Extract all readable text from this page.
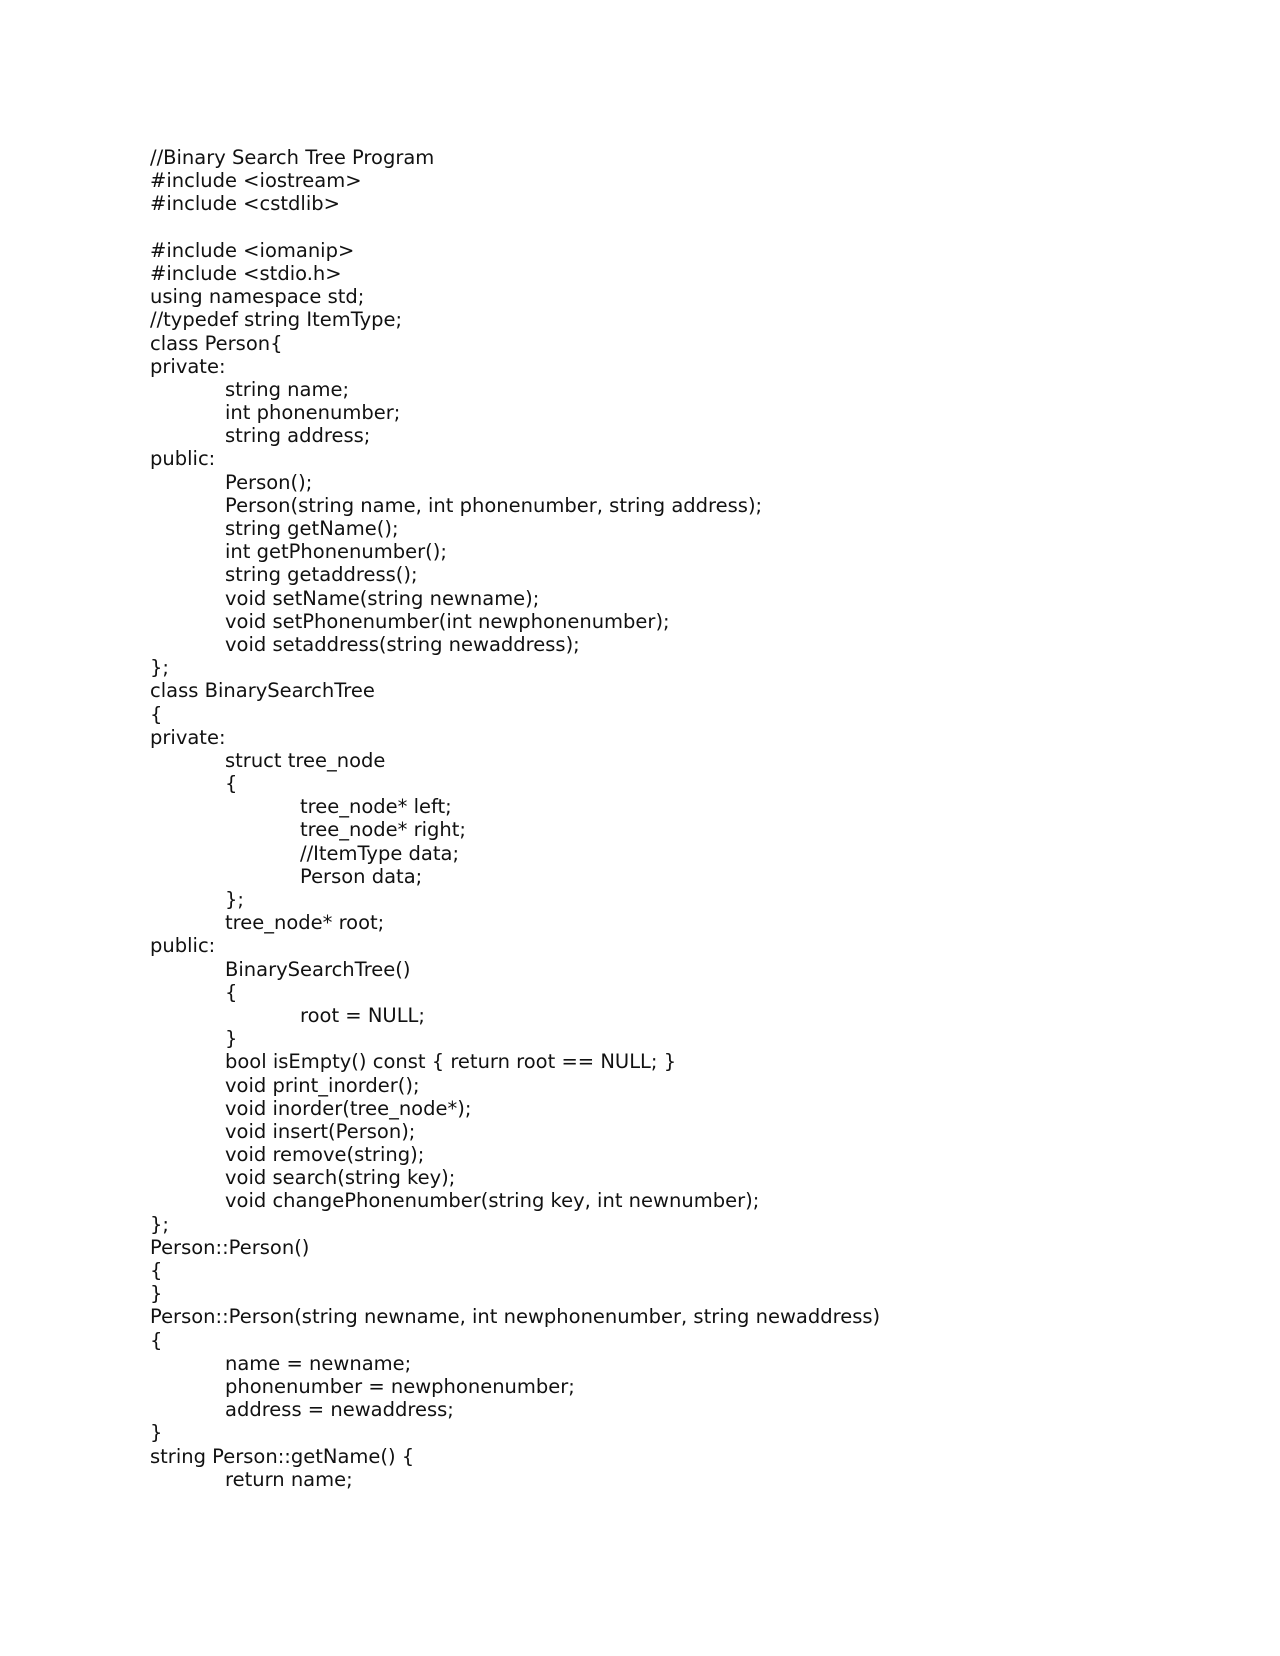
//Binary Search Tree Program
#include <iostream>
#include <cstdlib>
#include <iomanip>
#include <stdio.h>
using namespace std;
//typedef string ItemType;
class Person{
private:
string name;
int phonenumber;
string address;
public:
Person();
Person(string name, int phonenumber, string address);
string getName();
int getPhonenumber();
string getaddress();
void setName(string newname);
void setPhonenumber(int newphonenumber);
void setaddress(string newaddress);
};
class BinarySearchTree
{
private:
struct tree_node
{
tree_node* left;
tree_node* right;
//ItemType data;
Person data;
};
tree_node* root;
public:
BinarySearchTree()
{
root = NULL;
}
bool isEmpty() const { return root == NULL; }
void print_inorder();
void inorder(tree_node*);
void insert(Person);
void remove(string);
void search(string key);
void changePhonenumber(string key, int newnumber);
};
Person::Person()
{
}
Person::Person(string newname, int newphonenumber, string newaddress)
{
name = newname;
phonenumber = newphonenumber;
address = newaddress;
}
string Person::getName() {
return name;
